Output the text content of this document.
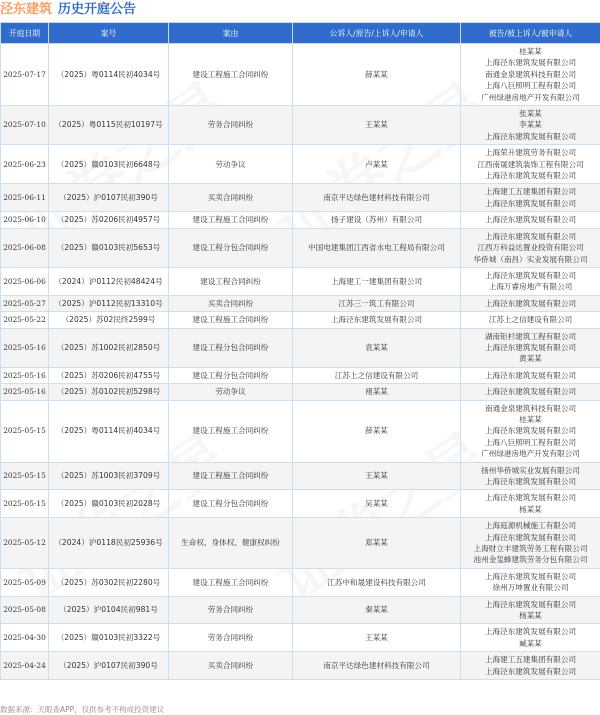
泾东建筑 历史开庭公告
开庭日期	案号	案由	公诉人/原告/上诉人/申请人	被告/被上诉人/被申请人
2025-07-17	（2025）粤0114民初4034号	建设工程施工合同纠纷	薛某某	桂某某
上海泾东建筑发展有限公司
南通金泉建筑科技有限公司
上海八巨照明工程有限公司
广州绿港房地产开发有限公司

2025-07-10	（2025）粤0115民初10197号	劳务合同纠纷	王某某	张某某
李某某
上海泾东建筑发展有限公司

2025-06-23	（2025）赣0103民初6648号	劳动争议	卢某某	上海荣升建筑劳务有限公司
江西南晟建筑装饰工程有限公司
上海泾东建筑发展有限公司

2025-06-11	（2025）沪0107民初390号	买卖合同纠纷	南京平达绿色建材科技有限公司	上海建工五建集团有限公司
上海泾东建筑发展有限公司

2025-06-10	（2025）苏0206民初4957号	建设工程施工合同纠纷	扬子建设（苏州）有限公司	上海泾东建筑发展有限公司

2025-06-08	（2025）赣0103民初5653号	建设工程分包合同纠纷	中国电建集团江西省水电工程局有限公司	上海泾东建筑发展有限公司
江西万科益达置业投资有限公司
华侨城（南昌）实业发展有限公司

2025-06-06	（2024）沪0112民初48424号	建设工程合同纠纷	上海建工一建集团有限公司	上海泾东建筑发展有限公司
上海万睿房地产有限公司

2025-05-27	（2025）沪0112民初13310号	买卖合同纠纷	江苏三一筑工有限公司	上海泾东建筑发展有限公司

2025-05-22	（2025）苏02民终2599号	建设工程施工合同纠纷	上海泾东建筑发展有限公司	江苏上之信建设有限公司

2025-05-16	（2025）苏1002民初2850号	建设工程分包合同纠纷	袁某某	湖南钜杉建筑工程有限公司
上海泾东建筑发展有限公司
黄某某

2025-05-16	（2025）苏0206民初4755号	建设工程分包合同纠纷	江苏上之信建设有限公司	上海泾东建筑发展有限公司

2025-05-16	（2025）苏0102民初5298号	劳动争议	褚某某	上海泾东建筑发展有限公司

2025-05-15	（2025）粤0114民初4034号	建设工程施工合同纠纷	薛某某	南通金泉建筑科技有限公司
桂某某
上海泾东建筑发展有限公司
上海八巨照明工程有限公司
广州绿港房地产开发有限公司

2025-05-15	（2025）苏1003民初3709号	建设工程施工合同纠纷	王某某	扬州华侨城实业发展有限公司
上海泾东建筑发展有限公司

2025-05-15	（2025）赣0103民初2028号	建设工程分包合同纠纷	吴某某	上海泾东建筑发展有限公司
杨某某

2025-05-12	（2024）沪0118民初25936号	生命权、身体权、健康权纠纷	郑某某	上海庭源机械施工有限公司
上海泾东建筑发展有限公司
上海财立丰建筑劳务工程有限公司
池州金玺蜂建筑劳务分包有限公司

2025-05-09	（2025）苏0302民初2280号	建设工程施工合同纠纷	江苏中和晟建设科技有限公司	上海泾东建筑发展有限公司
徐州万坤置业有限公司

2025-05-08	（2025）沪0104民初981号	劳务合同纠纷	秦某某	上海泾东建筑发展有限公司
杨某某

2025-04-30	（2025）赣0103民初3322号	劳务合同纠纷	王某某	上海泾东建筑发展有限公司
臧某某

2025-04-24	（2025）沪0107民初390号	买卖合同纠纷	南京平达绿色建材科技有限公司	上海建工五建集团有限公司
上海泾东建筑发展有限公司
数据来源：天眼查APP，仅供参考不构成投资建议
